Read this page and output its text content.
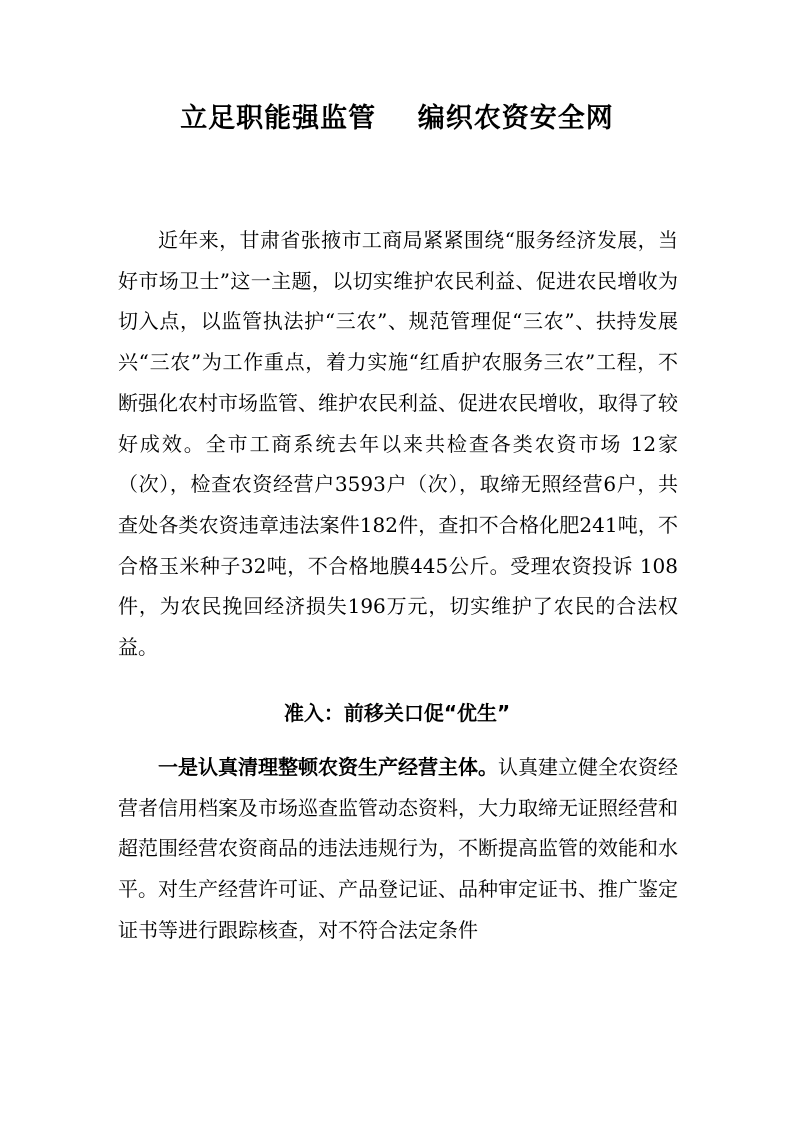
立足职能强监管    编织农资安全网

近年来，甘肃省张掖市工商局紧紧围绕“服务经济发展，当好市场卫士”这一主题，以切实维护农民利益、促进农民增收为切入点，以监管执法护“三农”、规范管理促“三农”、扶持发展兴“三农”为工作重点，着力实施“红盾护农服务三农”工程，不断强化农村市场监管、维护农民利益、促进农民增收，取得了较好成效。全市工商系统去年以来共检查各类农资市场 12家（次），检查农资经营户3593户（次），取缔无照经营6户，共查处各类农资违章违法案件182件，查扣不合格化肥241吨，不合格玉米种子32吨，不合格地膜445公斤。受理农资投诉 108件，为农民挽回经济损失196万元，切实维护了农民的合法权益。

准入：前移关口促“优生”

一是认真清理整顿农资生产经营主体。认真建立健全农资经营者信用档案及市场巡查监管动态资料，大力取缔无证照经营和超范围经营农资商品的违法违规行为，不断提高监管的效能和水平。对生产经营许可证、产品登记证、品种审定证书、推广鉴定证书等进行跟踪核查，对不符合法定条件
